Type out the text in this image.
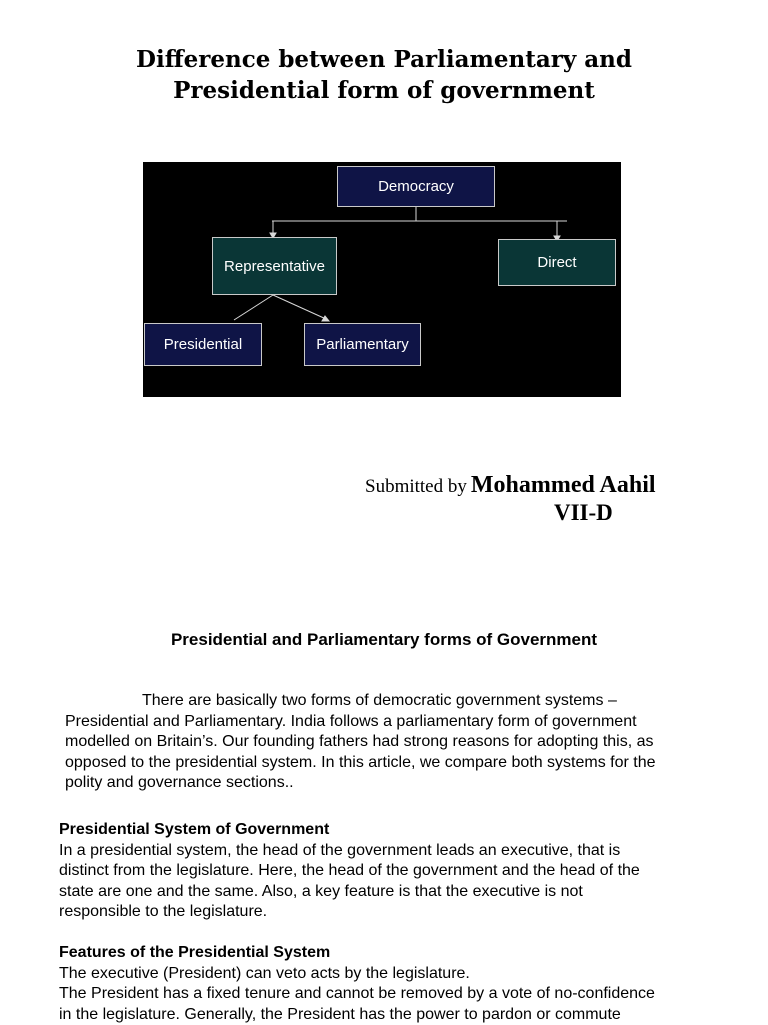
Difference between Parliamentary and
Presidential form of government
Democracy
Representative	Direct
Presidential	Parliamentary
Submitted by Mohammed Aahil
VII-D
Presidential and Parliamentary forms of Government

There are basically two forms of democratic government systems –
Presidential and Parliamentary. India follows a parliamentary form of government
modelled on Britain’s. Our founding fathers had strong reasons for adopting this, as
opposed to the presidential system. In this article, we compare both systems for the
polity and governance sections..

Presidential System of Government
In a presidential system, the head of the government leads an executive, that is
distinct from the legislature. Here, the head of the government and the head of the
state are one and the same. Also, a key feature is that the executive is not
responsible to the legislature.

Features of the Presidential System
The executive (President) can veto acts by the legislature.
The President has a fixed tenure and cannot be removed by a vote of no-confidence
in the legislature. Generally, the President has the power to pardon or commute
